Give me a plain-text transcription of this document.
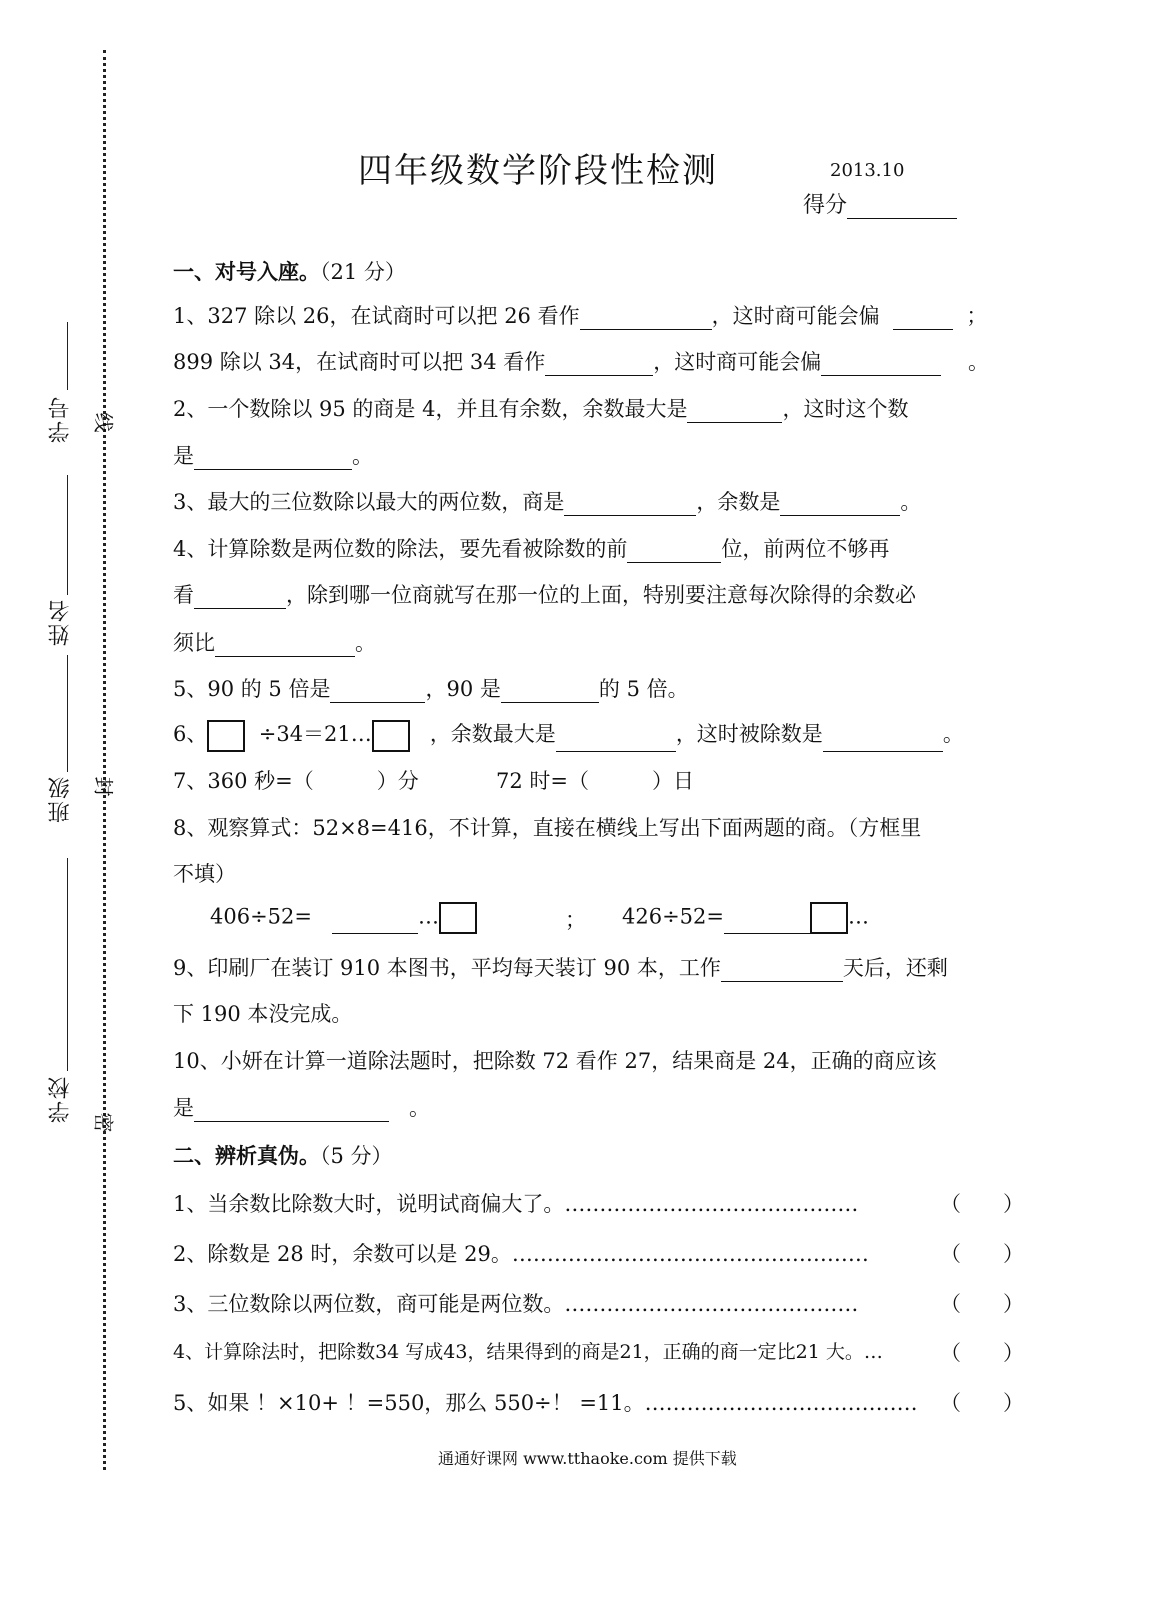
学号
姓名
班级
学校
线
封
密
四年级数学阶段性检测	2013.10
得分
一、对号入座。（21 分）
1、327 除以 26，在试商时可以把 26 看作	，这时商可能会偏	；
899 除以 34，在试商时可以把 34 看作	，这时商可能会偏	。
2、一个数除以 95 的商是 4，并且有余数，余数最大是	，这时这个数
是	。
3、最大的三位数除以最大的两位数，商是	，余数是	。
4、计算除数是两位数的除法，要先看被除数的前	位，前两位不够再
看	，除到哪一位商就写在那一位的上面，特别要注意每次除得的余数必
须比	。
5、90 的 5 倍是	，90 是	的 5 倍。
6、 ÷34＝21…	，余数最大是	，这时被除数是	。
7、360 秒=（　　　）分	72 时=（　　　）日
8、观察算式：52×8=416，不计算，直接在横线上写出下面两题的商。（方框里
不填）
406÷52=	…	； 426÷52=	…
9、印刷厂在装订 910 本图书，平均每天装订 90 本，工作	天后，还剩
下 190 本没完成。
10、小妍在计算一道除法题时，把除数 72 看作 27，结果商是 24，正确的商应该
是	。
二、辨析真伪。（5 分）
1、当余数比除数大时，说明试商偏大了。……………………………………	（　　）
2、除数是 28 时，余数可以是 29。……………………………………………	（　　）
3、三位数除以两位数，商可能是两位数。……………………………………	（　　）
4、计算除法时，把除数34 写成43，结果得到的商是21，正确的商一定比21 大。…	（　　）
5、如果 ！×10+ ！=550，那么 550÷！ =11。………………………………… （　　）
通通好课网 www.tthaoke.com 提供下载
